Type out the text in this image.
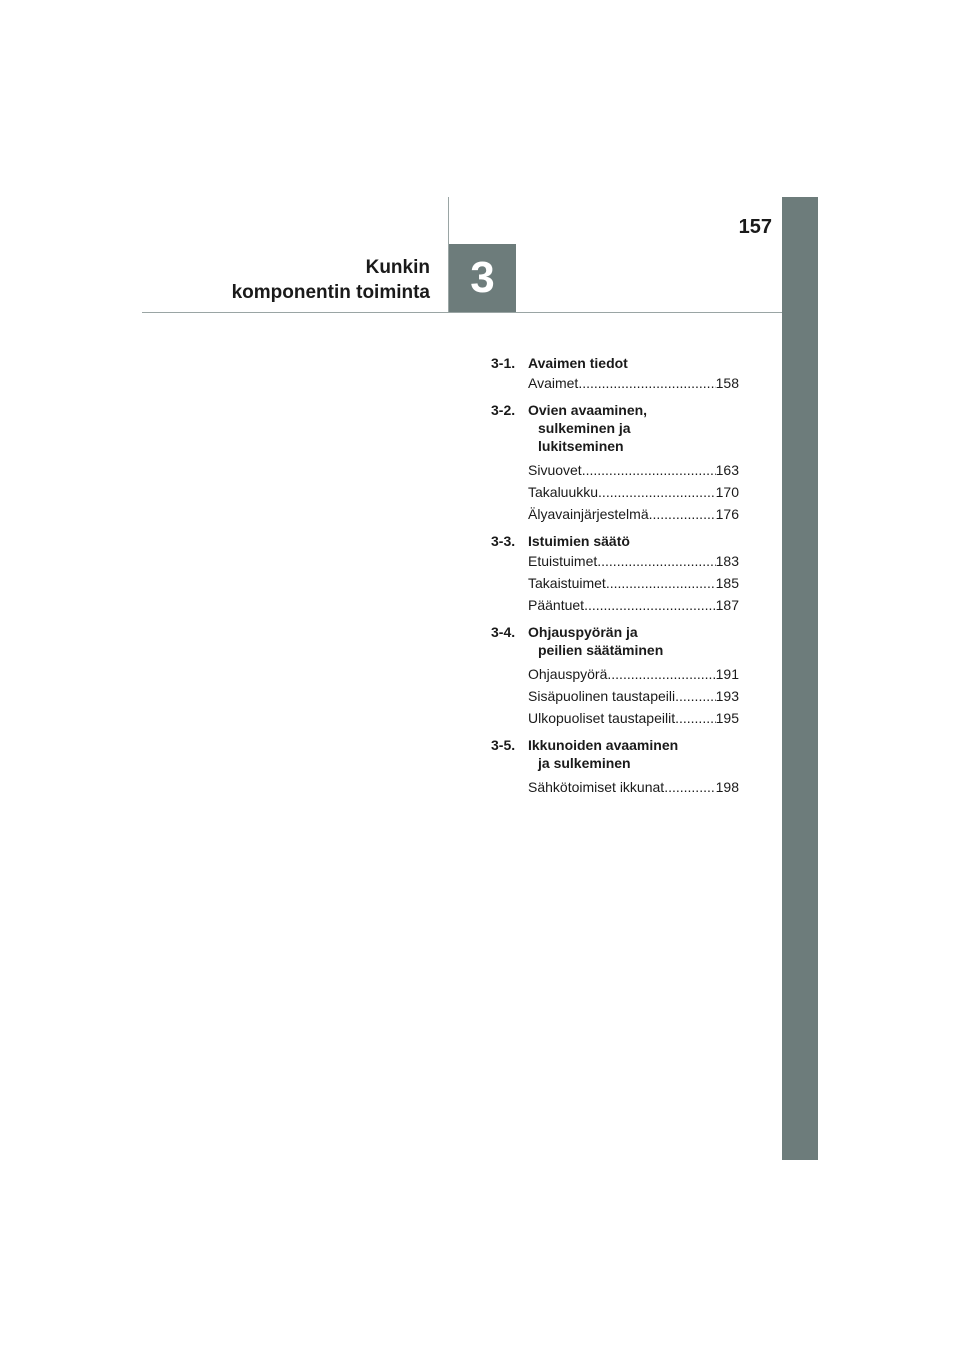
157
3
Kunkin
komponentin toiminta
3-1. Avaimen tiedot
Avaimet .....	158
3-2. Ovien avaaminen,
sulkeminen ja
lukitseminen
Sivuovet .....	163
Takaluukku .....	170
Älyavainjärjestelmä .....	176
3-3. Istuimien säätö
Etuistuimet .....	183
Takaistuimet .....	185
Pääntuet .....	187
3-4. Ohjauspyörän ja
peilien säätäminen
Ohjauspyörä .....	191
Sisäpuolinen taustapeili .....	193
Ulkopuoliset taustapeilit .....	195
3-5. Ikkunoiden avaaminen
ja sulkeminen
Sähkötoimiset ikkunat .....	198
